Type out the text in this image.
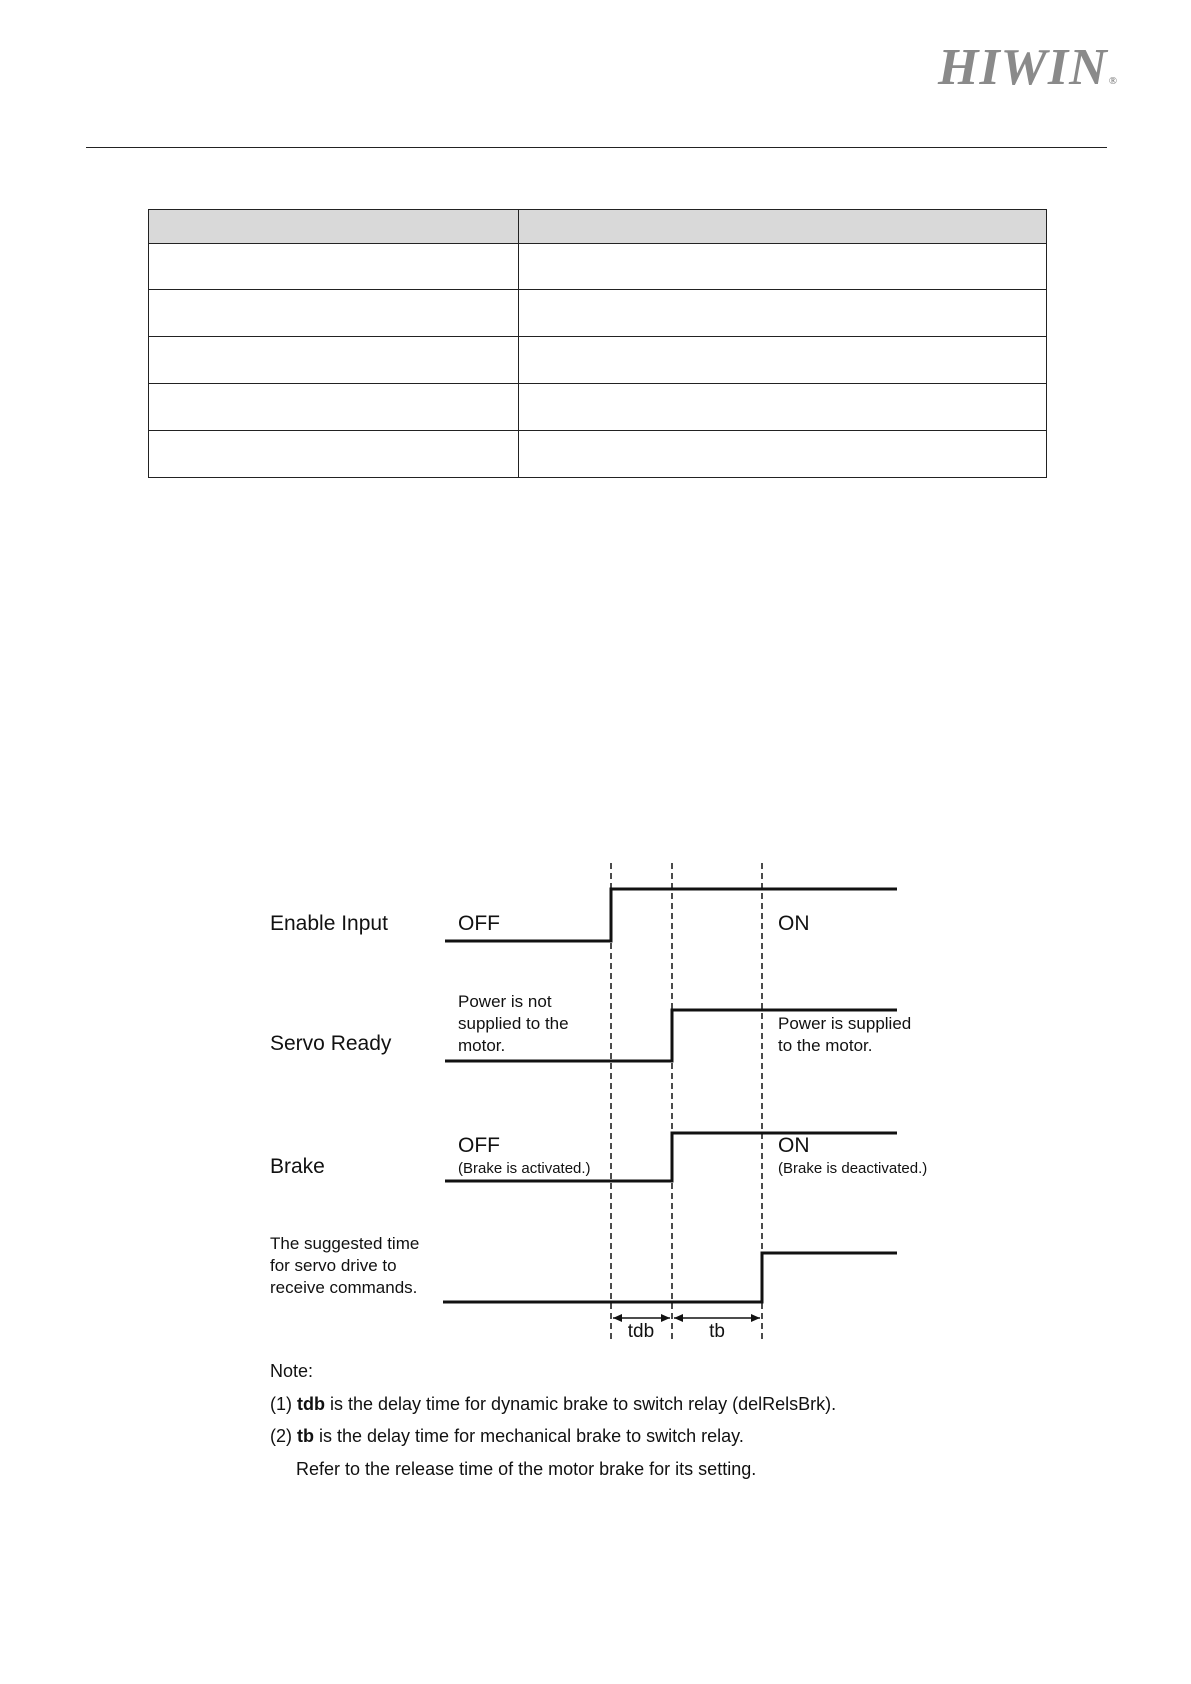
HIWIN®

Enable Input	OFF	ON
Servo Ready
Power is not
supplied to the
motor.
Power is supplied
to the motor.
Brake
OFF
(Brake is activated.)
ON
(Brake is deactivated.)
The suggested time
for servo drive to
receive commands.
tdb	tb
Note:
(1) tdb is the delay time for dynamic brake to switch relay (delRelsBrk).
(2) tb is the delay time for mechanical brake to switch relay.
Refer to the release time of the motor brake for its setting.
